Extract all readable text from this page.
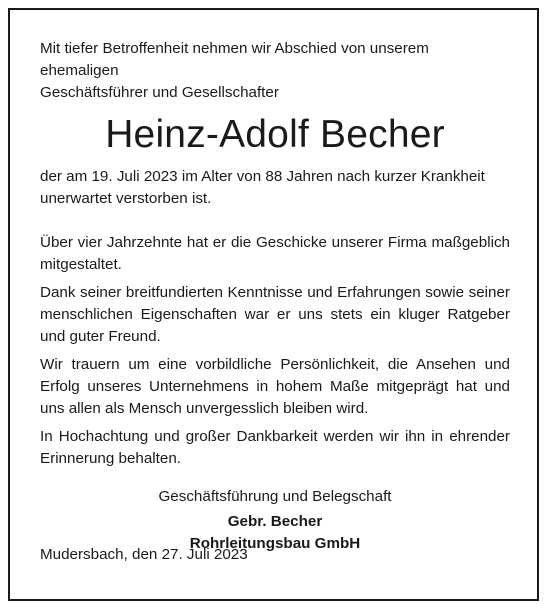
Mit tiefer Betroffenheit nehmen wir Abschied von unserem ehemaligen
Geschäftsführer und Gesellschafter

Heinz-Adolf Becher

der am 19. Juli 2023 im Alter von 88 Jahren nach kurzer Krankheit
unerwartet verstorben ist.

Über vier Jahrzehnte hat er die Geschicke unserer Firma maßgeblich mitgestaltet.

Dank seiner breitfundierten Kenntnisse und Erfahrungen sowie seiner menschlichen Eigenschaften war er uns stets ein kluger Ratgeber und guter Freund.

Wir trauern um eine vorbildliche Persönlichkeit, die Ansehen und Erfolg unseres Unternehmens in hohem Maße mitgeprägt hat und uns allen als Mensch unvergesslich bleiben wird.

In Hochachtung und großer Dankbarkeit werden wir ihn in ehrender Erinnerung behalten.

Geschäftsführung und Belegschaft

Gebr. Becher

Rohrleitungsbau GmbH

Mudersbach, den 27. Juli 2023
